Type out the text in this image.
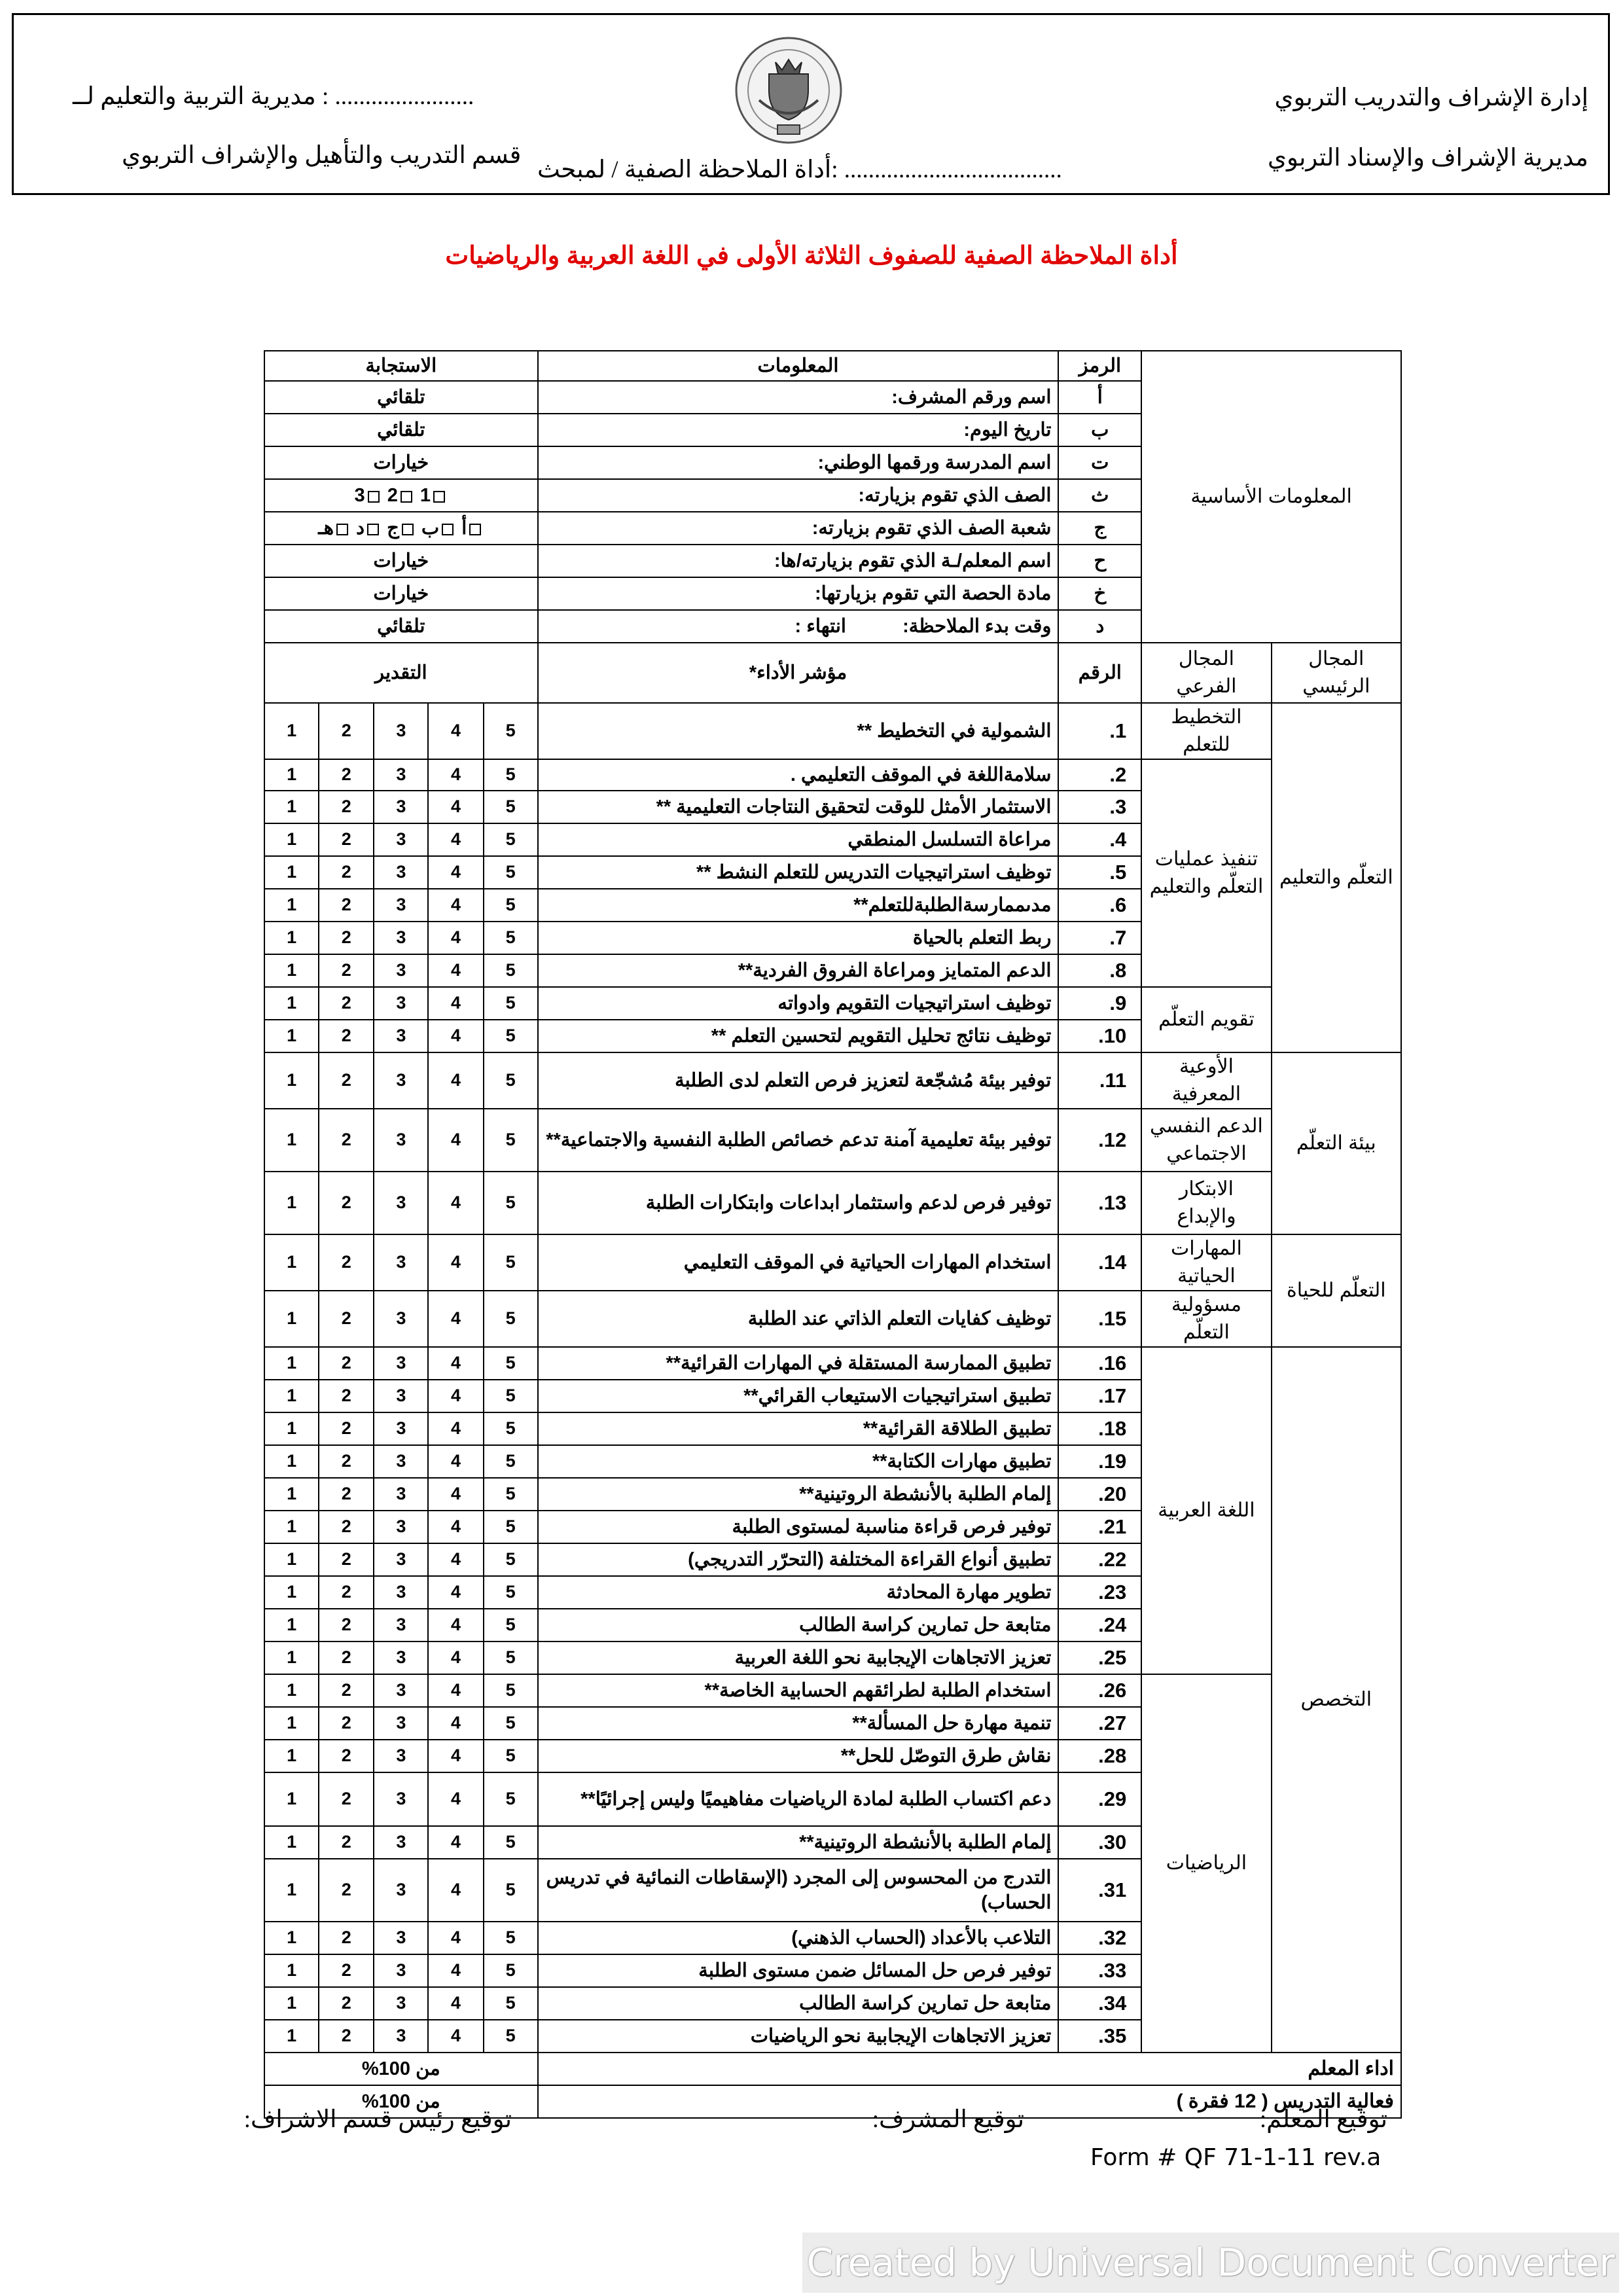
إدارة الإشراف والتدريب التربوي
مديرية الإشراف والإسناد التربوي
مديرية التربية والتعليم لــ : .......................
قسم التدريب والتأهيل والإشراف التربوي
أداة الملاحظة الصفية / لمبحث: ....................................
أداة الملاحظة الصفية للصفوف الثلاثة الأولى في اللغة العربية والرياضيات
المعلومات الأساسية		الرمز	المعلومات	الاستجابة				
		أ	اسم ورقم المشرف:	تلقائي				
		ب	تاريخ اليوم:	تلقائي				
		ت	اسم المدرسة ورقمها الوطني:	خيارات				
		ث	الصف الذي تقوم بزيارته:	1 2 3				
		ج	شعبة الصف الذي تقوم بزيارته:	أ ب ج د هـ				
		ح	اسم المعلم/ـة الذي تقوم بزيارته/ها:	خيارات				
		خ	مادة الحصة التي تقوم بزيارتها:	خيارات				
		د	وقت بدء الملاحظة:  انتهاء :	تلقائي				
المجال الرئيسي	المجال الفرعي	الرقم	مؤشر الأداء*	التقدير				
التعلّم والتعليم	التخطيط للتعلم	1.	الشمولية في التخطيط **	5	4	3	2	1
	تنفيذ عمليات التعلّم والتعليم	2.	سلامةاللغة في الموقف التعليمي .	5	4	3	2	1
		3.	الاستثمار الأمثل للوقت لتحقيق النتاجات التعليمية **	5	4	3	2	1
		4.	مراعاة التسلسل المنطقي	5	4	3	2	1
		5.	توظيف استراتيجيات التدريس للتعلم النشط **	5	4	3	2	1
		6.	مدىممارسةالطلبةللتعلم**	5	4	3	2	1
		7.	ربط التعلم بالحياة	5	4	3	2	1
		8.	الدعم المتمايز ومراعاة الفروق الفردية**	5	4	3	2	1
	تقويم التعلّم	9.	توظيف استراتيجيات التقويم وادواته	5	4	3	2	1
		10.	توظيف نتائج تحليل التقويم لتحسين التعلم **	5	4	3	2	1
بيئة التعلّم	الأوعية المعرفية	11.	توفير بيئة مُشجّعة لتعزيز فرص التعلم لدى الطلبة	5	4	3	2	1
	الدعم النفسي الاجتماعي	12.	توفير بيئة تعليمية آمنة تدعم خصائص الطلبة النفسية والاجتماعية**	5	4	3	2	1
	الابتكار والإبداع	13.	توفير فرص لدعم واستثمار ابداعات وابتكارات الطلبة	5	4	3	2	1
التعلّم للحياة	المهارات الحياتية	14.	استخدام المهارات الحياتية في الموقف التعليمي	5	4	3	2	1
	مسؤولية التعلّم	15.	توظيف كفايات التعلم الذاتي عند الطلبة	5	4	3	2	1
التخصص	اللغة العربية	16.	تطبيق الممارسة المستقلة في المهارات القرائية**	5	4	3	2	1
		17.	تطبيق استراتيجيات الاستيعاب القرائي**	5	4	3	2	1
		18.	تطبيق الطلاقة القرائية**	5	4	3	2	1
		19.	تطبيق مهارات الكتابة**	5	4	3	2	1
		20.	إلمام الطلبة بالأنشطة الروتينية**	5	4	3	2	1
		21.	توفير فرص قراءة مناسبة لمستوى الطلبة	5	4	3	2	1
		22.	تطبيق أنواع القراءة المختلفة (التحرّر التدريجي)	5	4	3	2	1
		23.	تطوير مهارة المحادثة	5	4	3	2	1
		24.	متابعة حل تمارين كراسة الطالب	5	4	3	2	1
		25.	تعزيز الاتجاهات الإيجابية نحو اللغة العربية	5	4	3	2	1
	الرياضيات	26.	استخدام الطلبة لطرائقهم الحسابية الخاصة**	5	4	3	2	1
		27.	تنمية مهارة حل المسألة**	5	4	3	2	1
		28.	نقاش طرق التوصّل للحل**	5	4	3	2	1
		29.	دعم اكتساب الطلبة لمادة الرياضيات مفاهيميًا وليس إجرائيًا**	5	4	3	2	1
		30.	إلمام الطلبة بالأنشطة الروتينية**	5	4	3	2	1
		31.	التدرج من المحسوس إلى المجرد (الإسقاطات النمائية في تدريس الحساب)	5	4	3	2	1
		32.	التلاعب بالأعداد (الحساب الذهني)	5	4	3	2	1
		33.	توفير فرص حل المسائل ضمن مستوى الطلبة	5	4	3	2	1
		34.	متابعة حل تمارين كراسة الطالب	5	4	3	2	1
		35.	تعزيز الاتجاهات الإيجابية نحو الرياضيات	5	4	3	2	1
اداء المعلم				من 100%				
فعالية التدريس ( 12 فقرة )				من 100%				
توقيع المعلم:
توقيع المشرف:
توقيع رئيس قسم الاشراف:
Form # QF 71-1-11 rev.a
Created by Universal Document Converter
